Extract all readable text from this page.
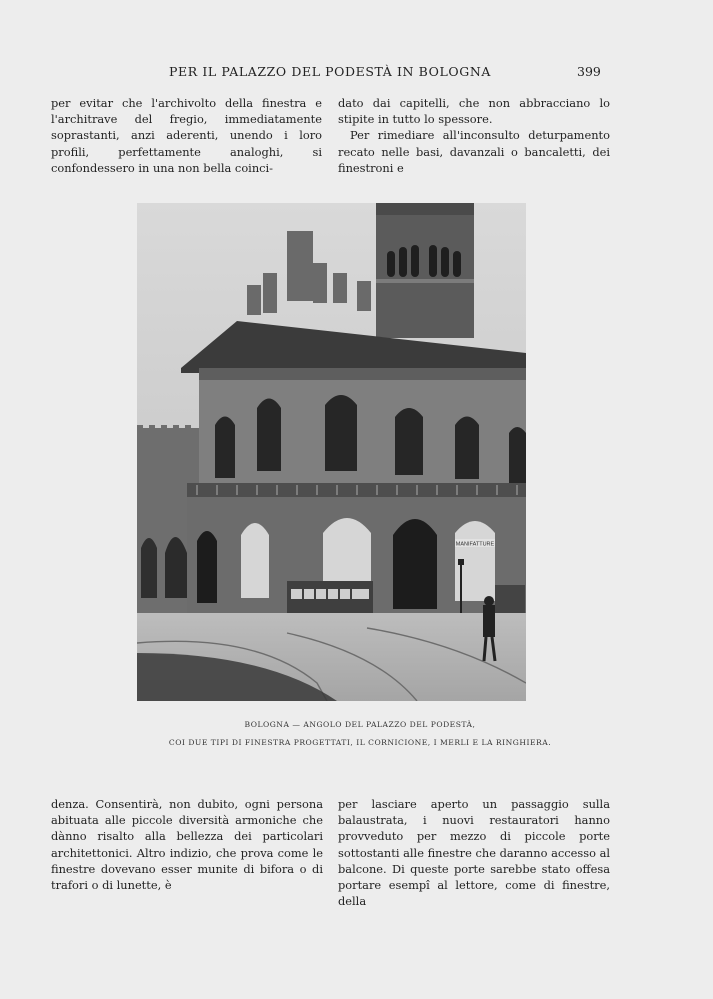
PER IL PALAZZO DEL PODESTÀ IN BOLOGNA	399

per evitar che l'archivolto della finestra e l'architrave del fregio, immediatamente soprastanti, anzi aderenti, unendo i loro profili, perfettamente analoghi, si confondessero in una non bella coinci-

dato dai capitelli, che non abbracciano lo stipite in tutto lo spessore.

Per rimediare all'inconsulto deturpamento recato nelle basi, davanzali o bancaletti, dei finestroni e

MANIFATTURE
BOLOGNA — ANGOLO DEL PALAZZO DEL PODESTÀ,
COI DUE TIPI DI FINESTRA PROGETTATI, IL CORNICIONE, I MERLI E LA RINGHIERA.

denza. Consentirà, non dubito, ogni persona abituata alle piccole diversità armoniche che dànno risalto alla bellezza dei particolari architettonici. Altro indizio, che prova come le finestre dovevano esser munite di bifora o di trafori o di lunette, è

per lasciare aperto un passaggio sulla balaustrata, i nuovi restauratori hanno provveduto per mezzo di piccole porte sottostanti alle finestre che daranno accesso al balcone. Di queste porte sarebbe stato offesa portare esempî al lettore, come di finestre, della
